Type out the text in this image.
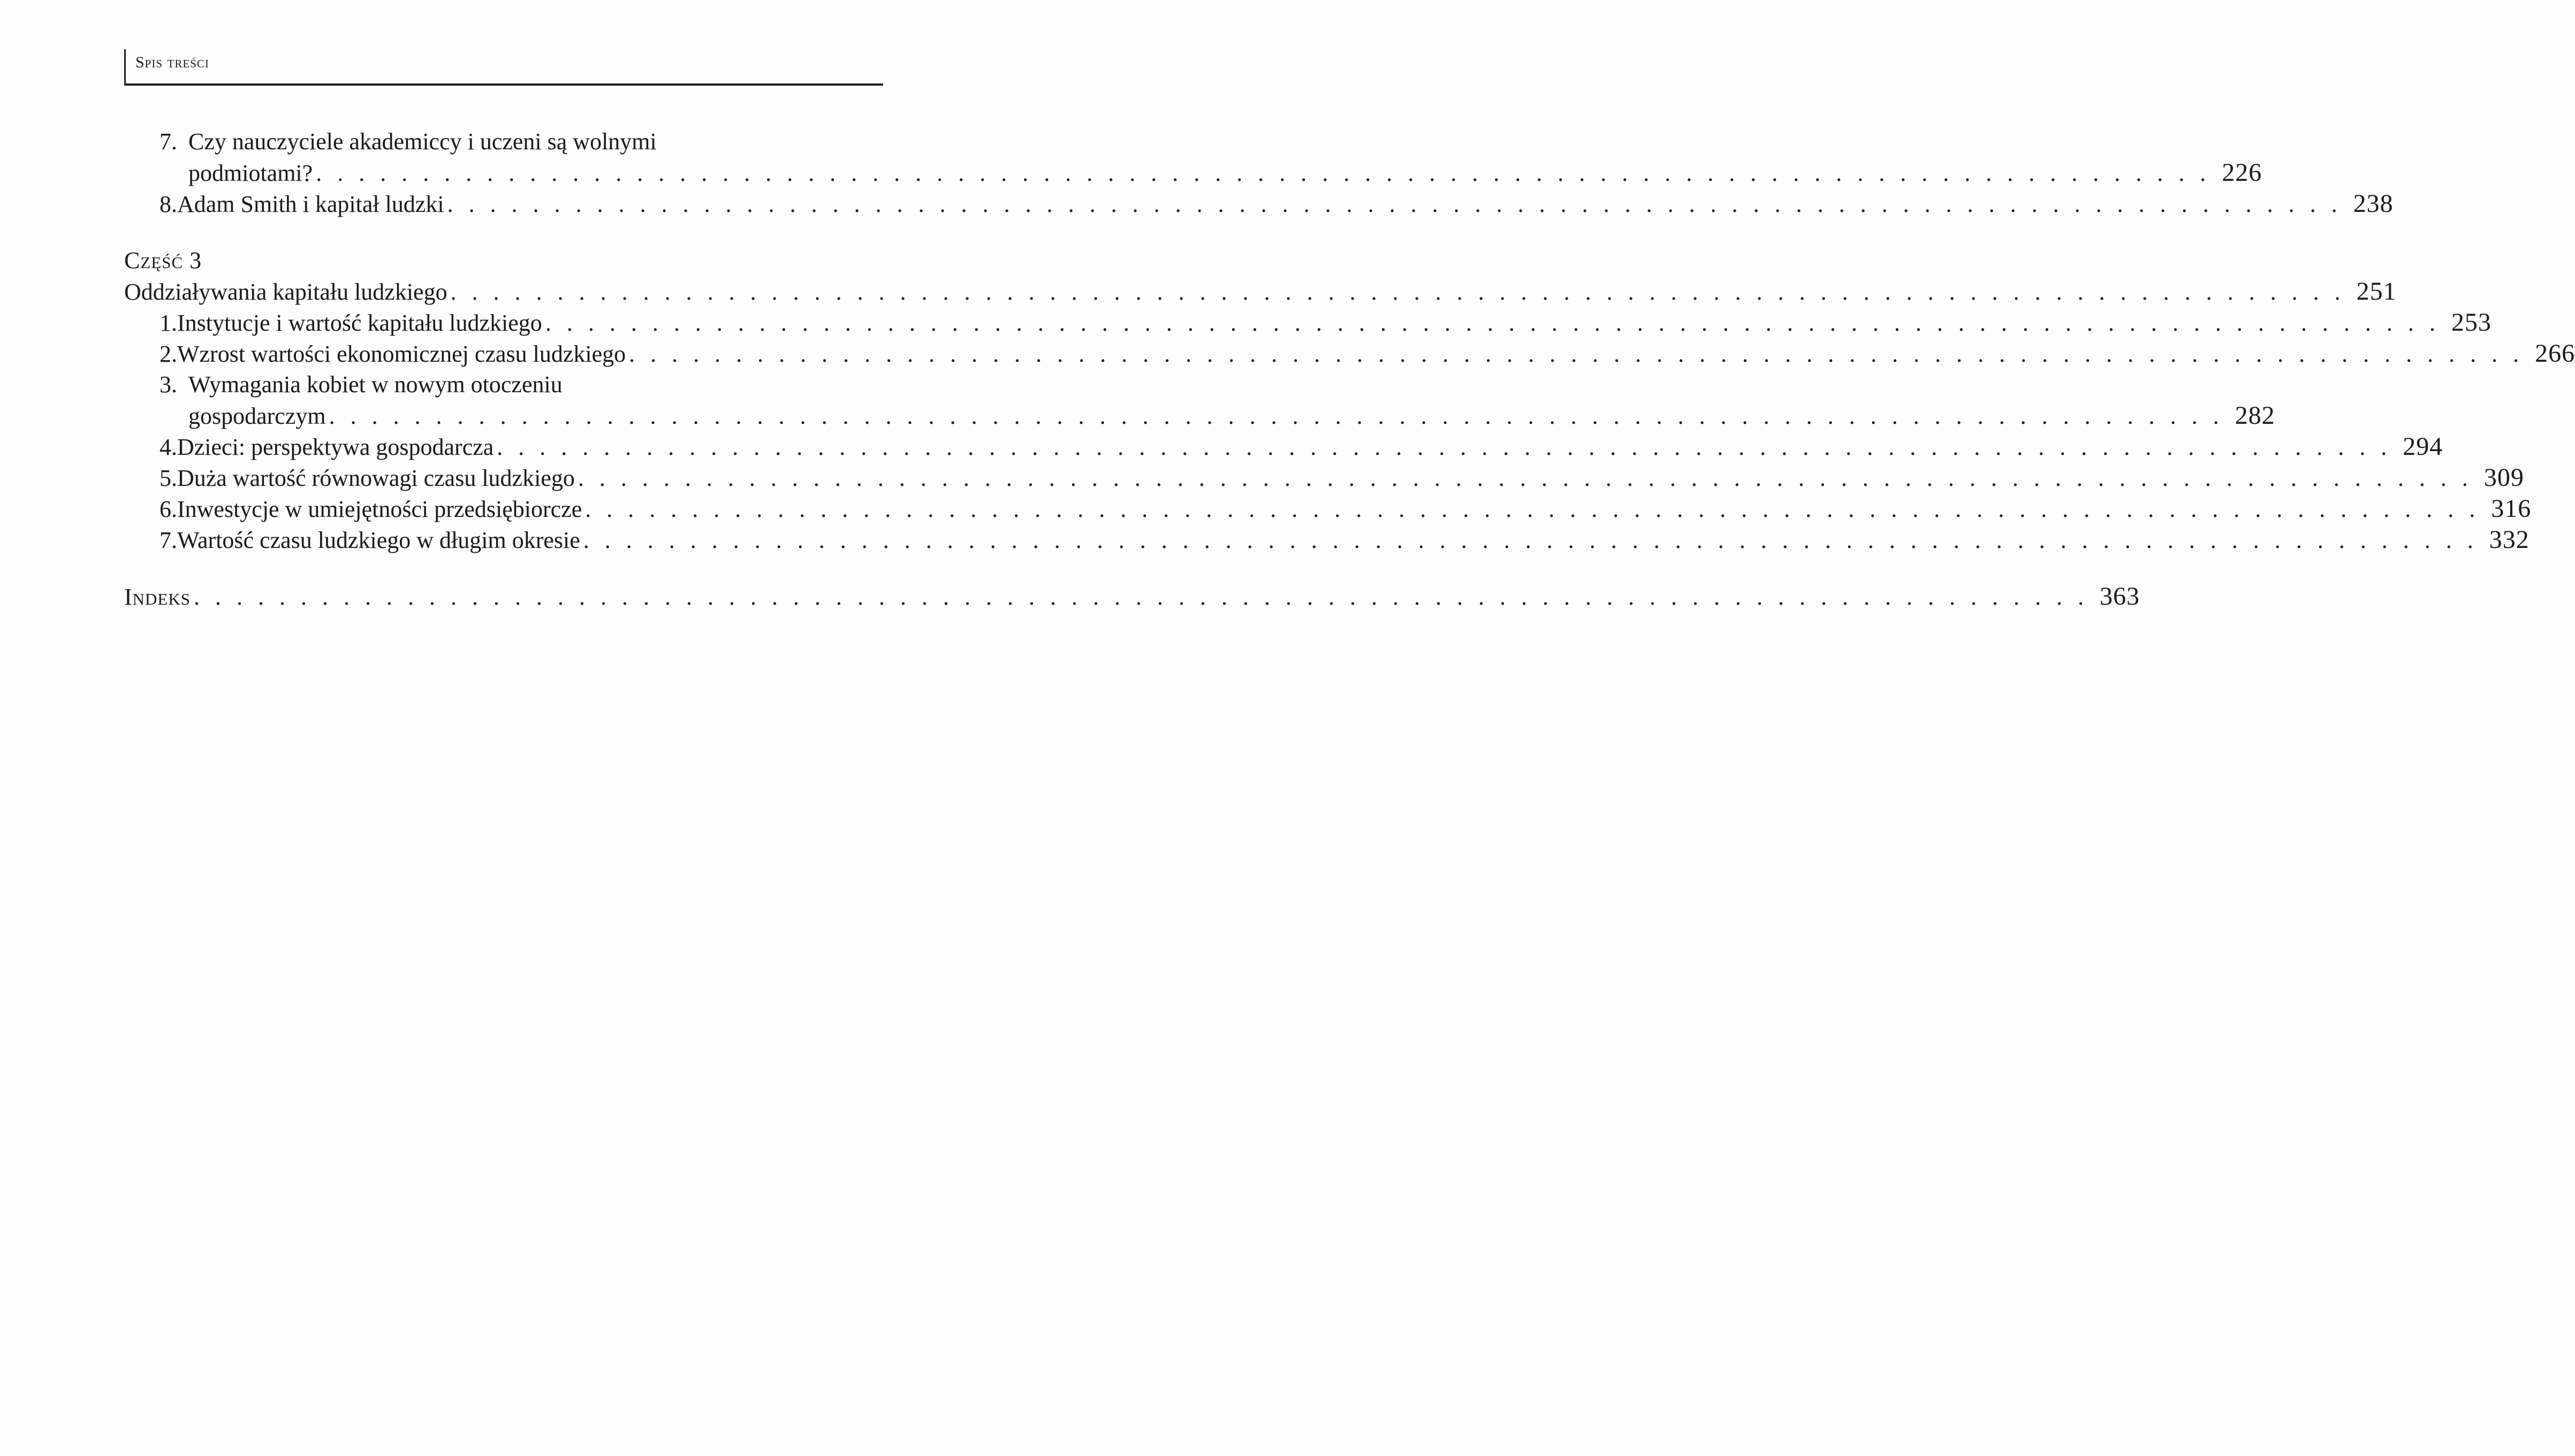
Spis treści
7. Czy nauczyciele akademiccy i uczeni są wolnymi
podmiotami? . . . . . . . . . . . . . . . . . . . . . . . . . . . . . . . . . . . . . . . . . . . . . . . . . . . . . . . . . . . . . . . . . . . . . . . . . . . . . . . . . . . . . . . . . 226
8. Adam Smith i kapitał ludzki . . . . . . . . . . . . . . . . . . . . . . . . . . . . . . . . . . . . . . . . . . . . . . . . . . . . . . . . . . . . . . . . . . . . . . . . . . . . . . . . . . . . . . . . . 238
Część 3
Oddziaływania kapitału ludzkiego . . . . . . . . . . . . . . . . . . . . . . . . . . . . . . . . . . . . . . . . . . . . . . . . . . . . . . . . . . . . . . . . . . . . . . . . . . . . . . . . . . . . . . . . . 251
1. Instytucje i wartość kapitału ludzkiego . . . . . . . . . . . . . . . . . . . . . . . . . . . . . . . . . . . . . . . . . . . . . . . . . . . . . . . . . . . . . . . . . . . . . . . . . . . . . . . . . . . . . . . . . 253
2. Wzrost wartości ekonomicznej czasu ludzkiego . . . . . . . . . . . . . . . . . . . . . . . . . . . . . . . . . . . . . . . . . . . . . . . . . . . . . . . . . . . . . . . . . . . . . . . . . . . . . . . . . . . . . . . . . 266
3. Wymagania kobiet w nowym otoczeniu
gospodarczym . . . . . . . . . . . . . . . . . . . . . . . . . . . . . . . . . . . . . . . . . . . . . . . . . . . . . . . . . . . . . . . . . . . . . . . . . . . . . . . . . . . . . . . . . 282
4. Dzieci: perspektywa gospodarcza . . . . . . . . . . . . . . . . . . . . . . . . . . . . . . . . . . . . . . . . . . . . . . . . . . . . . . . . . . . . . . . . . . . . . . . . . . . . . . . . . . . . . . . . . 294
5. Duża wartość równowagi czasu ludzkiego . . . . . . . . . . . . . . . . . . . . . . . . . . . . . . . . . . . . . . . . . . . . . . . . . . . . . . . . . . . . . . . . . . . . . . . . . . . . . . . . . . . . . . . . . 309
6. Inwestycje w umiejętności przedsiębiorcze . . . . . . . . . . . . . . . . . . . . . . . . . . . . . . . . . . . . . . . . . . . . . . . . . . . . . . . . . . . . . . . . . . . . . . . . . . . . . . . . . . . . . . . . . 316
7. Wartość czasu ludzkiego w długim okresie . . . . . . . . . . . . . . . . . . . . . . . . . . . . . . . . . . . . . . . . . . . . . . . . . . . . . . . . . . . . . . . . . . . . . . . . . . . . . . . . . . . . . . . . . 332
Indeks . . . . . . . . . . . . . . . . . . . . . . . . . . . . . . . . . . . . . . . . . . . . . . . . . . . . . . . . . . . . . . . . . . . . . . . . . . . . . . . . . . . . . . . . . 363
